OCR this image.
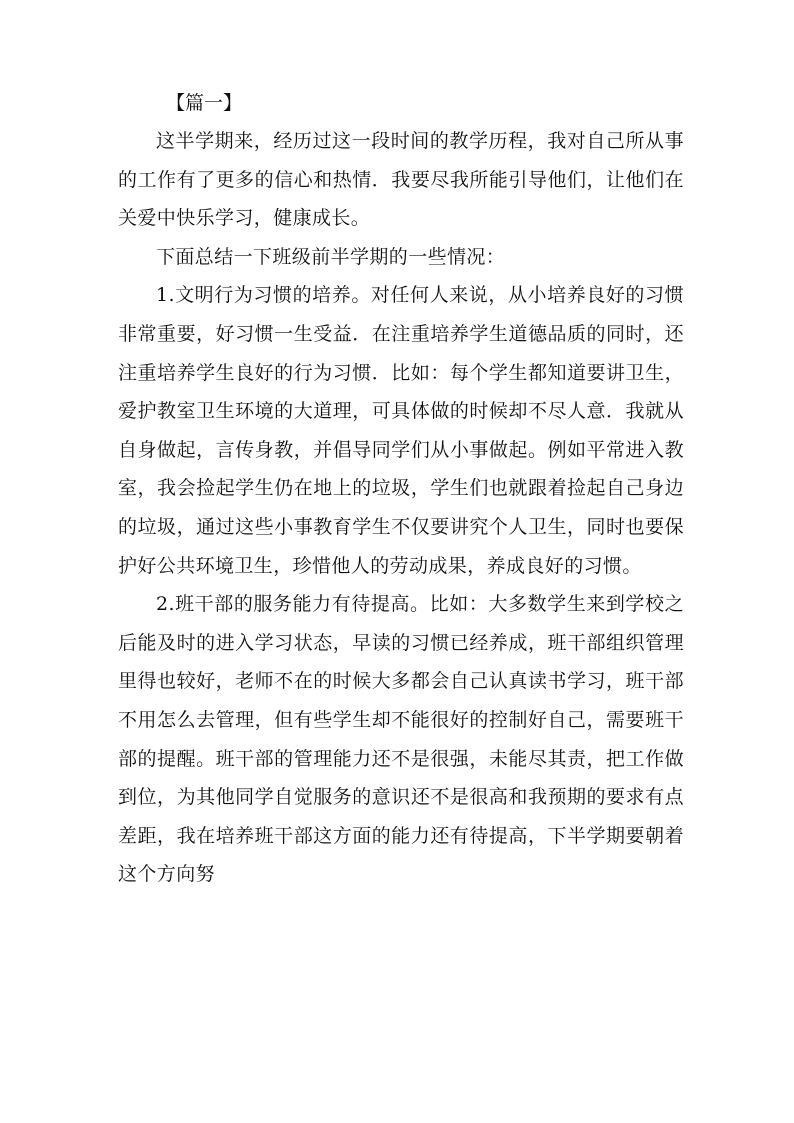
【篇一】

这半学期来，经历过这一段时间的教学历程，我对自己所从事的工作有了更多的信心和热情．我要尽我所能引导他们，让他们在关爱中快乐学习，健康成长。

下面总结一下班级前半学期的一些情况：

1.文明行为习惯的培养。对任何人来说，从小培养良好的习惯非常重要，好习惯一生受益．在注重培养学生道德品质的同时，还注重培养学生良好的行为习惯．比如：每个学生都知道要讲卫生，爱护教室卫生环境的大道理，可具体做的时候却不尽人意．我就从自身做起，言传身教，并倡导同学们从小事做起。例如平常进入教室，我会捡起学生仍在地上的垃圾，学生们也就跟着捡起自己身边的垃圾，通过这些小事教育学生不仅要讲究个人卫生，同时也要保护好公共环境卫生，珍惜他人的劳动成果，养成良好的习惯。

2.班干部的服务能力有待提高。比如：大多数学生来到学校之后能及时的进入学习状态，早读的习惯已经养成，班干部组织管理里得也较好，老师不在的时候大多都会自己认真读书学习，班干部不用怎么去管理，但有些学生却不能很好的控制好自己，需要班干部的提醒。班干部的管理能力还不是很强，未能尽其责，把工作做到位，为其他同学自觉服务的意识还不是很高和我预期的要求有点差距，我在培养班干部这方面的能力还有待提高，下半学期要朝着这个方向努
